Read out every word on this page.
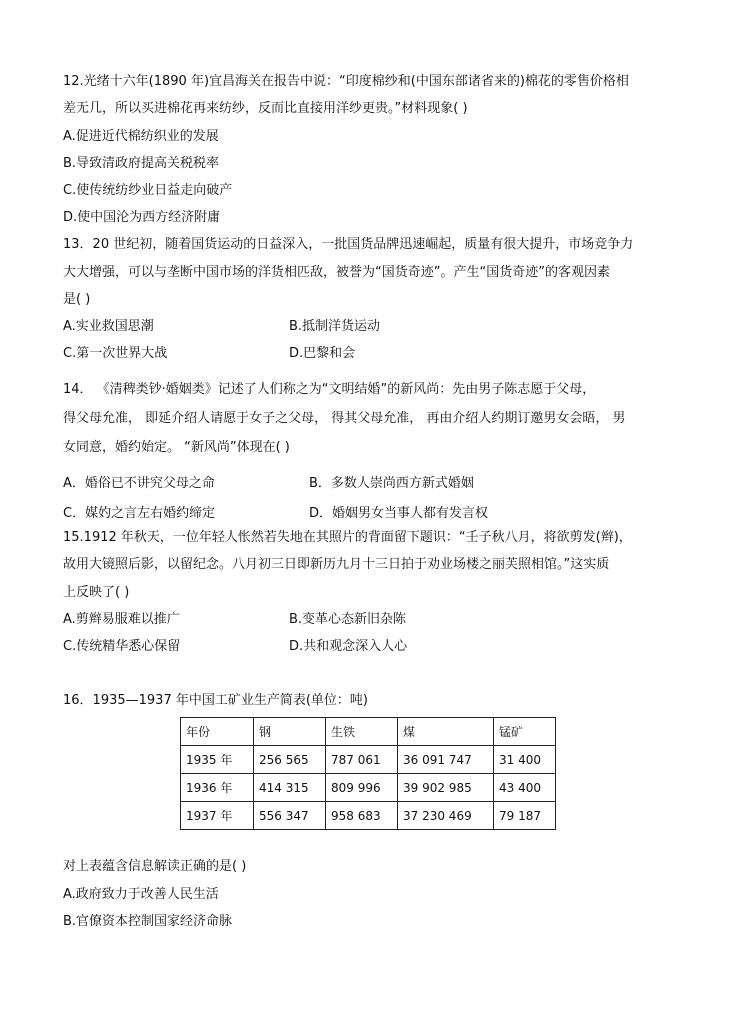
12.光绪十六年(1890 年)宜昌海关在报告中说：“印度棉纱和(中国东部诸省来的)棉花的零售价格相
差无几，所以买进棉花再来纺纱，反而比直接用洋纱更贵。”材料现象( )
A.促进近代棉纺织业的发展
B.导致清政府提高关税税率
C.使传统纺纱业日益走向破产
D.使中国沦为西方经济附庸
13．20 世纪初，随着国货运动的日益深入，一批国货品牌迅速崛起，质量有很大提升，市场竞争力
大大增强，可以与垄断中国市场的洋货相匹敌，被誉为“国货奇迹”。产生“国货奇迹”的客观因素
是( )
A.实业救国思潮	B.抵制洋货运动
C.第一次世界大战	D.巴黎和会
14． 《清稗类钞·婚姻类》记述了人们称之为“文明结婚”的新风尚：先由男子陈志愿于父母，
得父母允准， 即延介绍人请愿于女子之父母， 得其父母允准， 再由介绍人约期订邀男女会晤， 男
女同意，婚约始定。 “新风尚”体现在( )
A．婚俗已不讲究父母之命	B．多数人崇尚西方新式婚姻
C．媒妁之言左右婚约缔定	D．婚姻男女当事人都有发言权
15.1912 年秋天，一位年轻人怅然若失地在其照片的背面留下题识：“壬子秋八月，将欲剪发(辫)，
故用大镜照后影，以留纪念。八月初三日即新历九月十三日拍于劝业场楼之丽芙照相馆。”这实质
上反映了( )
A.剪辫易服难以推广	B.变革心态新旧杂陈
C.传统精华悉心保留	D.共和观念深入人心
16．1935—1937 年中国工矿业生产简表(单位：吨)
年份	钢	生铁	煤	锰矿
1935 年	256 565	787 061	36 091 747	31 400
1936 年	414 315	809 996	39 902 985	43 400
1937 年	556 347	958 683	37 230 469	79 187
对上表蕴含信息解读正确的是( )
A.政府致力于改善人民生活
B.官僚资本控制国家经济命脉
